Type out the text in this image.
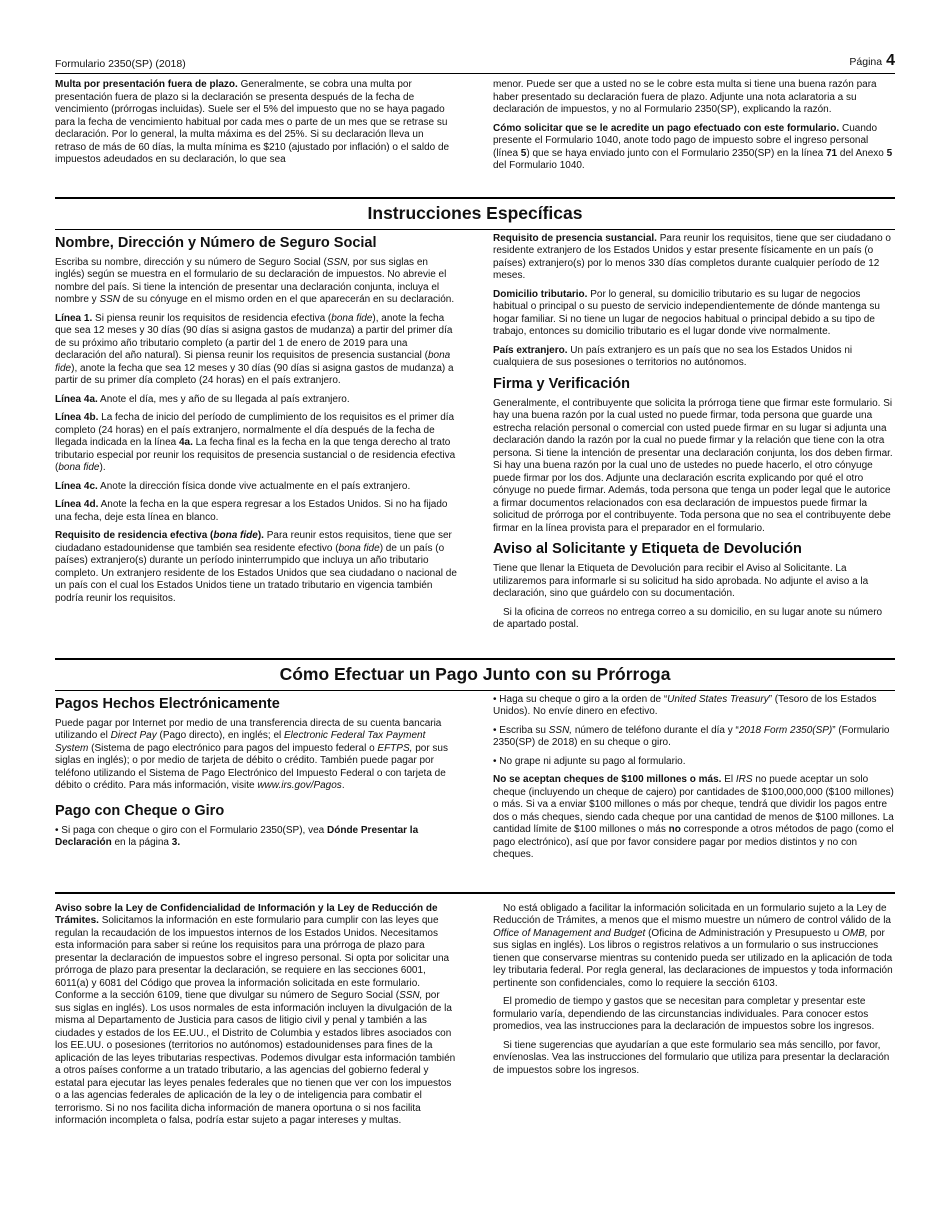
Formulario 2350(SP) (2018)	Página 4

Multa por presentación fuera de plazo. Generalmente, se cobra una multa por presentación fuera de plazo si la declaración se presenta después de la fecha de vencimiento (prórrogas incluidas). Suele ser el 5% del impuesto que no se haya pagado para la fecha de vencimiento habitual por cada mes o parte de un mes que se retrase su declaración. Por lo general, la multa máxima es del 25%. Si su declaración lleva un retraso de más de 60 días, la multa mínima es $210 (ajustado por inflación) o el saldo de impuestos adeudados en su declaración, lo que sea

menor. Puede ser que a usted no se le cobre esta multa si tiene una buena razón para haber presentado su declaración fuera de plazo. Adjunte una nota aclaratoria a su declaración de impuestos, y no al Formulario 2350(SP), explicando la razón.

Cómo solicitar que se le acredite un pago efectuado con este formulario. Cuando presente el Formulario 1040, anote todo pago de impuesto sobre el ingreso personal (línea 5) que se haya enviado junto con el Formulario 2350(SP) en la línea 71 del Anexo 5 del Formulario 1040.

Instrucciones Específicas
Nombre, Dirección y Número de Seguro Social

Escriba su nombre, dirección y su número de Seguro Social (SSN, por sus siglas en inglés) según se muestra en el formulario de su declaración de impuestos. No abrevie el nombre del país. Si tiene la intención de presentar una declaración conjunta, incluya el nombre y SSN de su cónyuge en el mismo orden en el que aparecerán en su declaración.

Línea 1. Si piensa reunir los requisitos de residencia efectiva (bona fide), anote la fecha que sea 12 meses y 30 días (90 días si asigna gastos de mudanza) a partir del primer día de su próximo año tributario completo (a partir del 1 de enero de 2019 para una declaración del año natural). Si piensa reunir los requisitos de presencia sustancial (bona fide), anote la fecha que sea 12 meses y 30 días (90 días si asigna gastos de mudanza) a partir de su primer día completo (24 horas) en el país extranjero.

Línea 4a. Anote el día, mes y año de su llegada al país extranjero.

Línea 4b. La fecha de inicio del período de cumplimiento de los requisitos es el primer día completo (24 horas) en el país extranjero, normalmente el día después de la fecha de llegada indicada en la línea 4a. La fecha final es la fecha en la que tenga derecho al trato tributario especial por reunir los requisitos de presencia sustancial o de residencia efectiva (bona fide).

Línea 4c. Anote la dirección física donde vive actualmente en el país extranjero.

Línea 4d. Anote la fecha en la que espera regresar a los Estados Unidos. Si no ha fijado una fecha, deje esta línea en blanco.

Requisito de residencia efectiva (bona fide). Para reunir estos requisitos, tiene que ser ciudadano estadounidense que también sea residente efectivo (bona fide) de un país (o países) extranjero(s) durante un período ininterrumpido que incluya un año tributario completo. Un extranjero residente de los Estados Unidos que sea ciudadano o nacional de un país con el cual los Estados Unidos tiene un tratado tributario en vigencia también podría reunir los requisitos.

Requisito de presencia sustancial. Para reunir los requisitos, tiene que ser ciudadano o residente extranjero de los Estados Unidos y estar presente físicamente en un país (o países) extranjero(s) por lo menos 330 días completos durante cualquier período de 12 meses.

Domicilio tributario. Por lo general, su domicilio tributario es su lugar de negocios habitual o principal o su puesto de servicio independientemente de dónde mantenga su hogar familiar. Si no tiene un lugar de negocios habitual o principal debido a su tipo de trabajo, entonces su domicilio tributario es el lugar donde vive normalmente.

País extranjero. Un país extranjero es un país que no sea los Estados Unidos ni cualquiera de sus posesiones o territorios no autónomos.

Firma y Verificación

Generalmente, el contribuyente que solicita la prórroga tiene que firmar este formulario. Si hay una buena razón por la cual usted no puede firmar, toda persona que guarde una estrecha relación personal o comercial con usted puede firmar en su lugar si adjunta una declaración dando la razón por la cual no puede firmar y la relación que tiene con la otra persona. Si tiene la intención de presentar una declaración conjunta, los dos deben firmar. Si hay una buena razón por la cual uno de ustedes no puede hacerlo, el otro cónyuge puede firmar por los dos. Adjunte una declaración escrita explicando por qué el otro cónyuge no puede firmar. Además, toda persona que tenga un poder legal que le autorice a firmar documentos relacionados con esa declaración de impuestos puede firmar la solicitud de prórroga por el contribuyente. Toda persona que no sea el contribuyente debe firmar en la línea provista para el preparador en el formulario.

Aviso al Solicitante y Etiqueta de Devolución

Tiene que llenar la Etiqueta de Devolución para recibir el Aviso al Solicitante. La utilizaremos para informarle si su solicitud ha sido aprobada. No adjunte el aviso a la declaración, sino que guárdelo con su documentación.

Si la oficina de correos no entrega correo a su domicilio, en su lugar anote su número de apartado postal.

Cómo Efectuar un Pago Junto con su Prórroga
Pagos Hechos Electrónicamente

Puede pagar por Internet por medio de una transferencia directa de su cuenta bancaria utilizando el Direct Pay (Pago directo), en inglés; el Electronic Federal Tax Payment System (Sistema de pago electrónico para pagos del impuesto federal o EFTPS, por sus siglas en inglés); o por medio de tarjeta de débito o crédito. También puede pagar por teléfono utilizando el Sistema de Pago Electrónico del Impuesto Federal o con tarjeta de débito o crédito. Para más información, visite www.irs.gov/Pagos.

Pago con Cheque o Giro

• Si paga con cheque o giro con el Formulario 2350(SP), vea Dónde Presentar la Declaración en la página 3.

• Haga su cheque o giro a la orden de “United States Treasury” (Tesoro de los Estados Unidos). No envíe dinero en efectivo.

• Escriba su SSN, número de teléfono durante el día y “2018 Form 2350(SP)” (Formulario 2350(SP) de 2018) en su cheque o giro.

• No grape ni adjunte su pago al formulario.

No se aceptan cheques de $100 millones o más. El IRS no puede aceptar un solo cheque (incluyendo un cheque de cajero) por cantidades de $100,000,000 ($100 millones) o más. Si va a enviar $100 millones o más por cheque, tendrá que dividir los pagos entre dos o más cheques, siendo cada cheque por una cantidad de menos de $100 millones. La cantidad límite de $100 millones o más no corresponde a otros métodos de pago (como el pago electrónico), así que por favor considere pagar por medios distintos y no con cheques.

Aviso sobre la Ley de Confidencialidad de Información y la Ley de Reducción de Trámites. Solicitamos la información en este formulario para cumplir con las leyes que regulan la recaudación de los impuestos internos de los Estados Unidos. Necesitamos esta información para saber si reúne los requisitos para una prórroga de plazo para presentar la declaración de impuestos sobre el ingreso personal. Si opta por solicitar una prórroga de plazo para presentar la declaración, se requiere en las secciones 6001, 6011(a) y 6081 del Código que provea la información solicitada en este formulario. Conforme a la sección 6109, tiene que divulgar su número de Seguro Social (SSN, por sus siglas en inglés). Los usos normales de esta información incluyen la divulgación de la misma al Departamento de Justicia para casos de litigio civil y penal y también a las ciudades y estados de los EE.UU., el Distrito de Columbia y estados libres asociados con los EE.UU. o posesiones (territorios no autónomos) estadounidenses para fines de la aplicación de las leyes tributarias respectivas. Podemos divulgar esta información también a otros países conforme a un tratado tributario, a las agencias del gobierno federal y estatal para ejecutar las leyes penales federales que no tienen que ver con los impuestos o a las agencias federales de aplicación de la ley o de inteligencia para combatir el terrorismo. Si no nos facilita dicha información de manera oportuna o si nos facilita información incompleta o falsa, podría estar sujeto a pagar intereses y multas.

No está obligado a facilitar la información solicitada en un formulario sujeto a la Ley de Reducción de Trámites, a menos que el mismo muestre un número de control válido de la Office of Management and Budget (Oficina de Administración y Presupuesto u OMB, por sus siglas en inglés). Los libros o registros relativos a un formulario o sus instrucciones tienen que conservarse mientras su contenido pueda ser utilizado en la aplicación de toda ley tributaria federal. Por regla general, las declaraciones de impuestos y toda información pertinente son confidenciales, como lo requiere la sección 6103.

El promedio de tiempo y gastos que se necesitan para completar y presentar este formulario varía, dependiendo de las circunstancias individuales. Para conocer estos promedios, vea las instrucciones para la declaración de impuestos sobre los ingresos.

Si tiene sugerencias que ayudarían a que este formulario sea más sencillo, por favor, envíenoslas. Vea las instrucciones del formulario que utiliza para presentar la declaración de impuestos sobre los ingresos.
